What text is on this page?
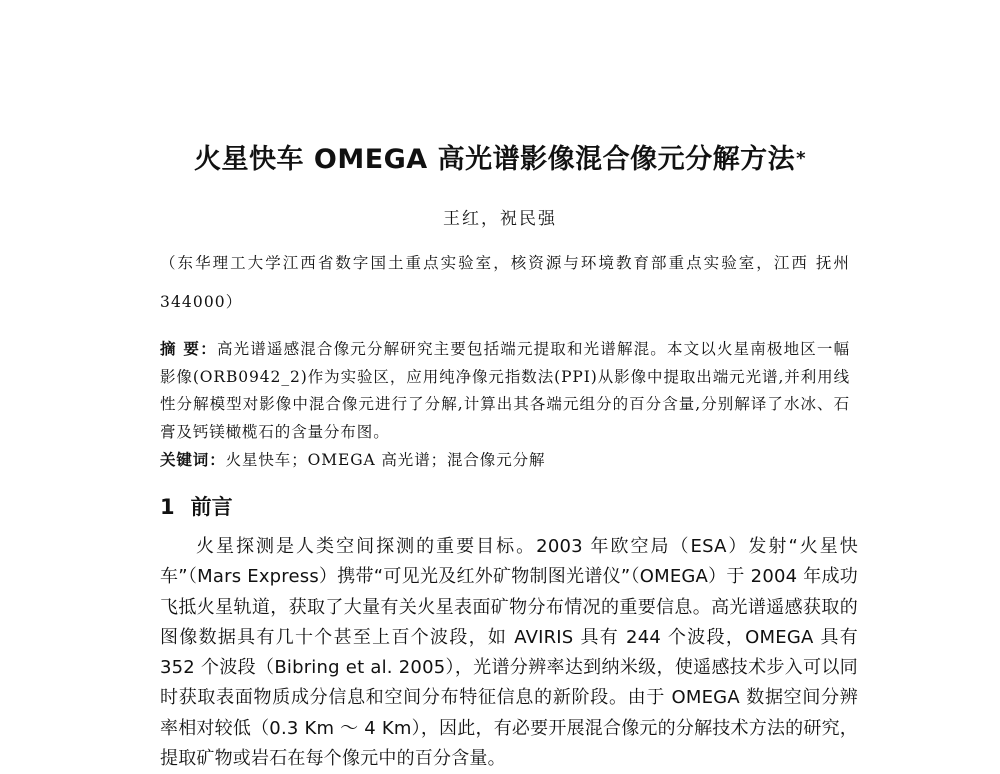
火星快车 OMEGA 高光谱影像混合像元分解方法*
王红，祝民强
（东华理工大学江西省数字国土重点实验室，核资源与环境教育部重点实验室，江西 抚州 344000）
摘 要：高光谱遥感混合像元分解研究主要包括端元提取和光谱解混。本文以火星南极地区一幅影像(ORB0942_2)作为实验区，应用纯净像元指数法(PPI)从影像中提取出端元光谱,并利用线性分解模型对影像中混合像元进行了分解,计算出其各端元组分的百分含量,分别解译了水冰、石膏及钙镁橄榄石的含量分布图。
关键词：火星快车；OMEGA 高光谱；混合像元分解
1 前言
火星探测是人类空间探测的重要目标。2003 年欧空局（ESA）发射“火星快车”（Mars Express）携带“可见光及红外矿物制图光谱仪”（OMEGA）于 2004 年成功飞抵火星轨道，获取了大量有关火星表面矿物分布情况的重要信息。高光谱遥感获取的图像数据具有几十个甚至上百个波段，如 AVIRIS 具有 244 个波段，OMEGA 具有 352 个波段（Bibring et al. 2005），光谱分辨率达到纳米级，使遥感技术步入可以同时获取表面物质成分信息和空间分布特征信息的新阶段。由于 OMEGA 数据空间分辨率相对较低（0.3 Km ～ 4 Km），因此，有必要开展混合像元的分解技术方法的研究，提取矿物或岩石在每个像元中的百分含量。
